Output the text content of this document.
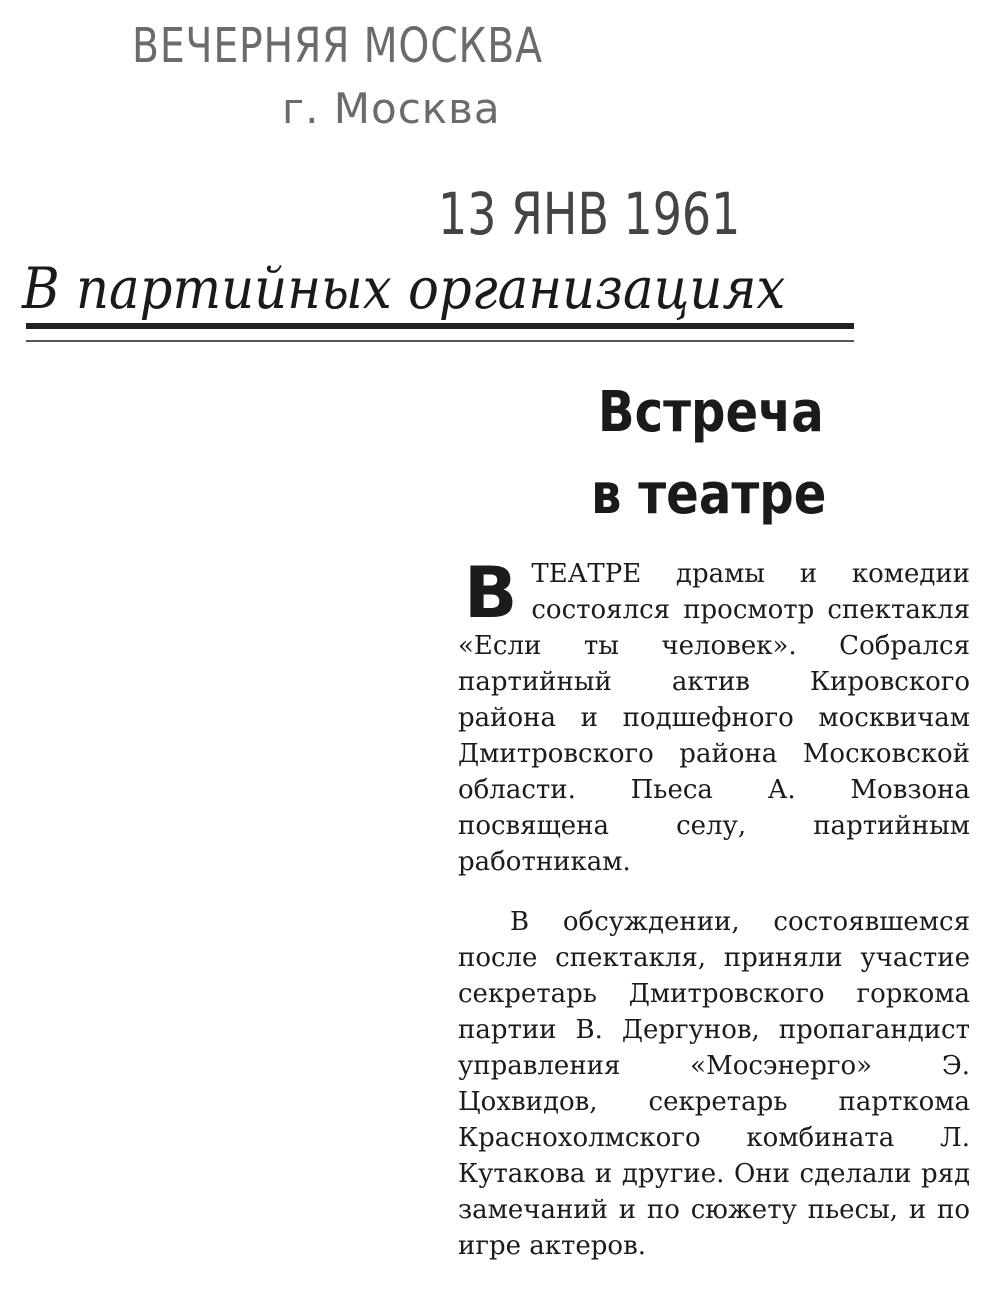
ВЕЧЕРНЯЯ МОСКВА
г. Москва
13 ЯНВ 1961
В партийных организациях
Встреча
в театре

ВТЕАТРЕ драмы и комедии состоялся просмотр спектакля «Если ты человек». Собрался партийный актив Кировского района и подшефного москвичам Дмитровского района Московской области. Пьеса А. Мовзона посвящена селу, партийным работникам.

В обсуждении, состоявшемся после спектакля, приняли участие секретарь Дмитровского горкома партии В. Дергунов, пропагандист управления «Мосэнерго» Э. Цохвидов, секретарь парткома Краснохолмского комбината Л. Кутакова и другие. Они сделали ряд замечаний и по сюжету пьесы, и по игре актеров.
